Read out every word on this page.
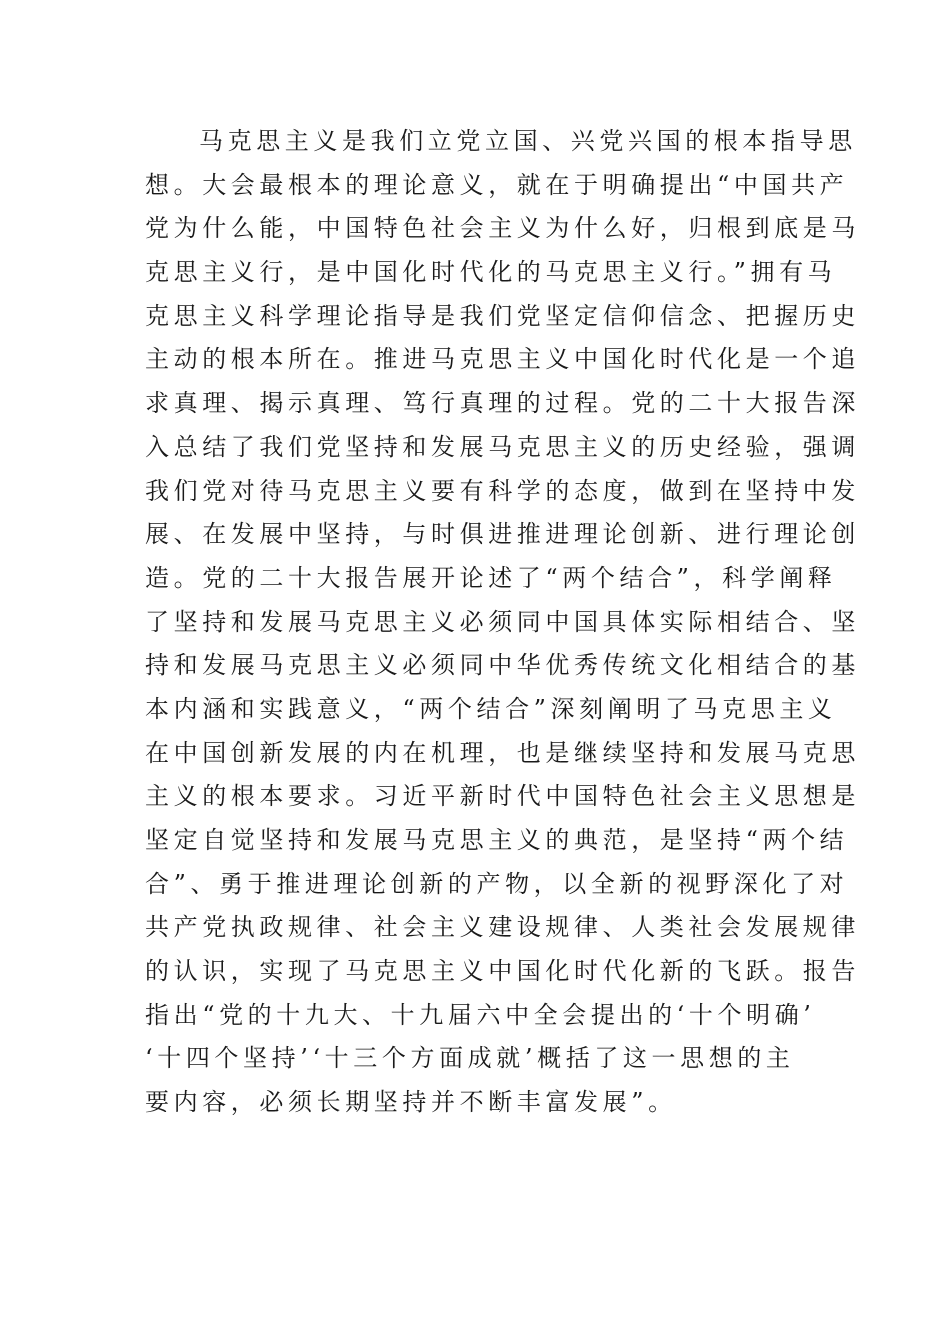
马克思主义是我们立党立国、兴党兴国的根本指导思
想。大会最根本的理论意义，就在于明确提出“中国共产
党为什么能，中国特色社会主义为什么好，归根到底是马
克思主义行，是中国化时代化的马克思主义行。”拥有马
克思主义科学理论指导是我们党坚定信仰信念、把握历史
主动的根本所在。推进马克思主义中国化时代化是一个追
求真理、揭示真理、笃行真理的过程。党的二十大报告深
入总结了我们党坚持和发展马克思主义的历史经验，强调
我们党对待马克思主义要有科学的态度，做到在坚持中发
展、在发展中坚持，与时俱进推进理论创新、进行理论创
造。党的二十大报告展开论述了“两个结合”，科学阐释
了坚持和发展马克思主义必须同中国具体实际相结合、坚
持和发展马克思主义必须同中华优秀传统文化相结合的基
本内涵和实践意义，“两个结合”深刻阐明了马克思主义
在中国创新发展的内在机理，也是继续坚持和发展马克思
主义的根本要求。习近平新时代中国特色社会主义思想是
坚定自觉坚持和发展马克思主义的典范，是坚持“两个结
合”、勇于推进理论创新的产物，以全新的视野深化了对
共产党执政规律、社会主义建设规律、人类社会发展规律
的认识，实现了马克思主义中国化时代化新的飞跃。报告
指出“党的十九大、十九届六中全会提出的‘十个明确’
‘十四个坚持’‘十三个方面成就’概括了这一思想的主
要内容，必须长期坚持并不断丰富发展”。
